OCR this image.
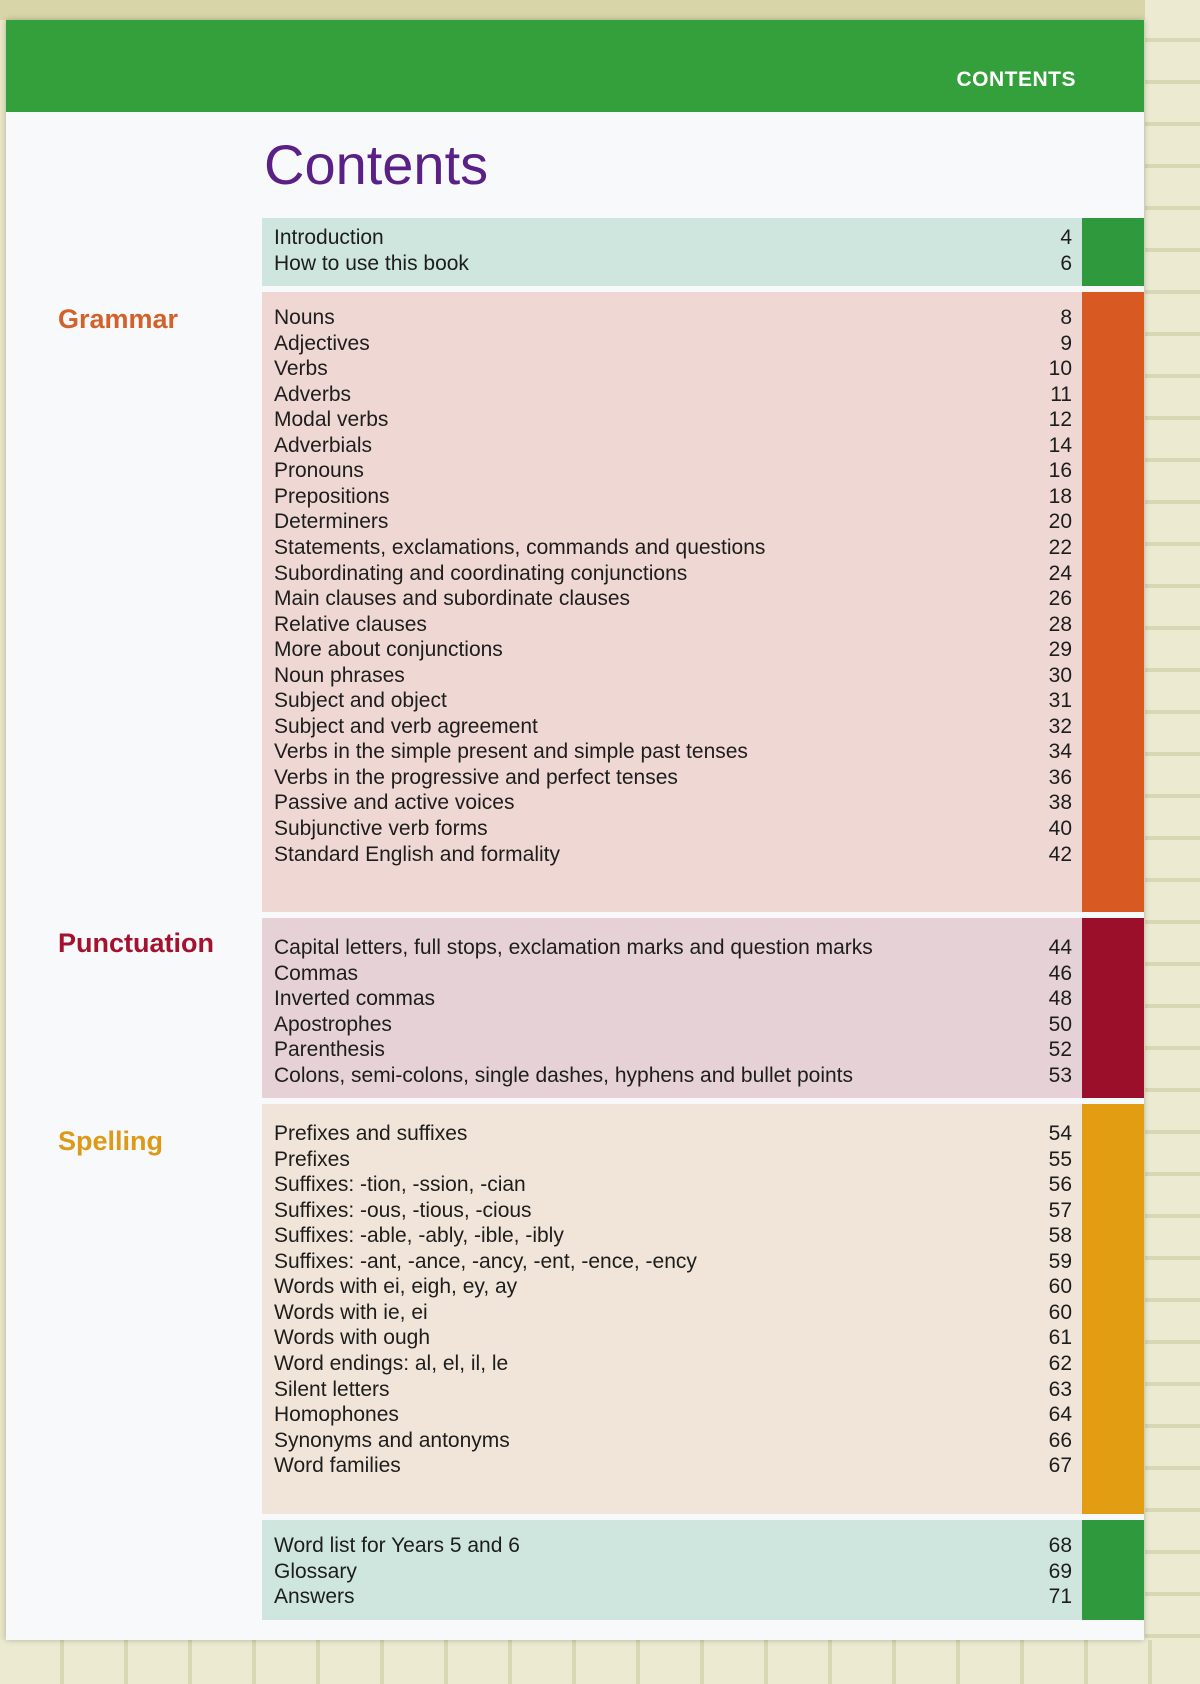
CONTENTS
Contents
Introduction	4
How to use this book	6
Nouns	8
Adjectives	9
Verbs	10
Adverbs	11
Modal verbs	12
Adverbials	14
Pronouns	16
Prepositions	18
Determiners	20
Statements, exclamations, commands and questions	22
Subordinating and coordinating conjunctions	24
Main clauses and subordinate clauses	26
Relative clauses	28
More about conjunctions	29
Noun phrases	30
Subject and object	31
Subject and verb agreement	32
Verbs in the simple present and simple past tenses	34
Verbs in the progressive and perfect tenses	36
Passive and active voices	38
Subjunctive verb forms	40
Standard English and formality	42
Grammar
Capital letters, full stops, exclamation marks and question marks	44
Commas	46
Inverted commas	48
Apostrophes	50
Parenthesis	52
Colons, semi-colons, single dashes, hyphens and bullet points	53
Punctuation
Prefixes and suffixes	54
Prefixes	55
Suffixes: -tion, -ssion, -cian	56
Suffixes: -ous, -tious, -cious	57
Suffixes: -able, -ably, -ible, -ibly	58
Suffixes: -ant, -ance, -ancy, -ent, -ence, -ency	59
Words with ei, eigh, ey, ay	60
Words with ie, ei	60
Words with ough	61
Word endings: al, el, il, le	62
Silent letters	63
Homophones	64
Synonyms and antonyms	66
Word families	67
Spelling
Word list for Years 5 and 6	68
Glossary	69
Answers	71
